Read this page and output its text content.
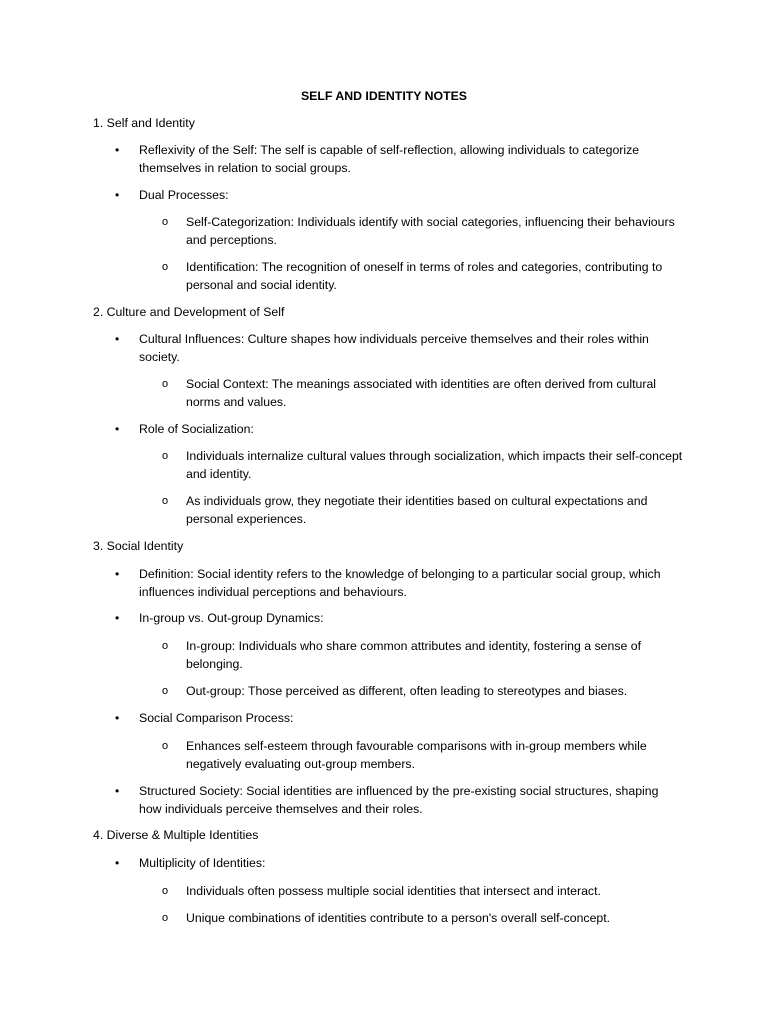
SELF AND IDENTITY NOTES
1. Self and Identity
•	Reflexivity of the Self: The self is capable of self-reflection, allowing individuals to categorize themselves in relation to social groups.
•	Dual Processes:
o	Self-Categorization: Individuals identify with social categories, influencing their behaviours and perceptions.
o	Identification: The recognition of oneself in terms of roles and categories, contributing to personal and social identity.
2. Culture and Development of Self
•	Cultural Influences: Culture shapes how individuals perceive themselves and their roles within society.
o	Social Context: The meanings associated with identities are often derived from cultural norms and values.
•	Role of Socialization:
o	Individuals internalize cultural values through socialization, which impacts their self-concept and identity.
o	As individuals grow, they negotiate their identities based on cultural expectations and personal experiences.
3. Social Identity
•	Definition: Social identity refers to the knowledge of belonging to a particular social group, which influences individual perceptions and behaviours.
•	In-group vs. Out-group Dynamics:
o	In-group: Individuals who share common attributes and identity, fostering a sense of belonging.
o	Out-group: Those perceived as different, often leading to stereotypes and biases.
•	Social Comparison Process:
o	Enhances self-esteem through favourable comparisons with in-group members while negatively evaluating out-group members.
•	Structured Society: Social identities are influenced by the pre-existing social structures, shaping how individuals perceive themselves and their roles.
4. Diverse & Multiple Identities
•	Multiplicity of Identities:
o	Individuals often possess multiple social identities that intersect and interact.
o	Unique combinations of identities contribute to a person's overall self-concept.
